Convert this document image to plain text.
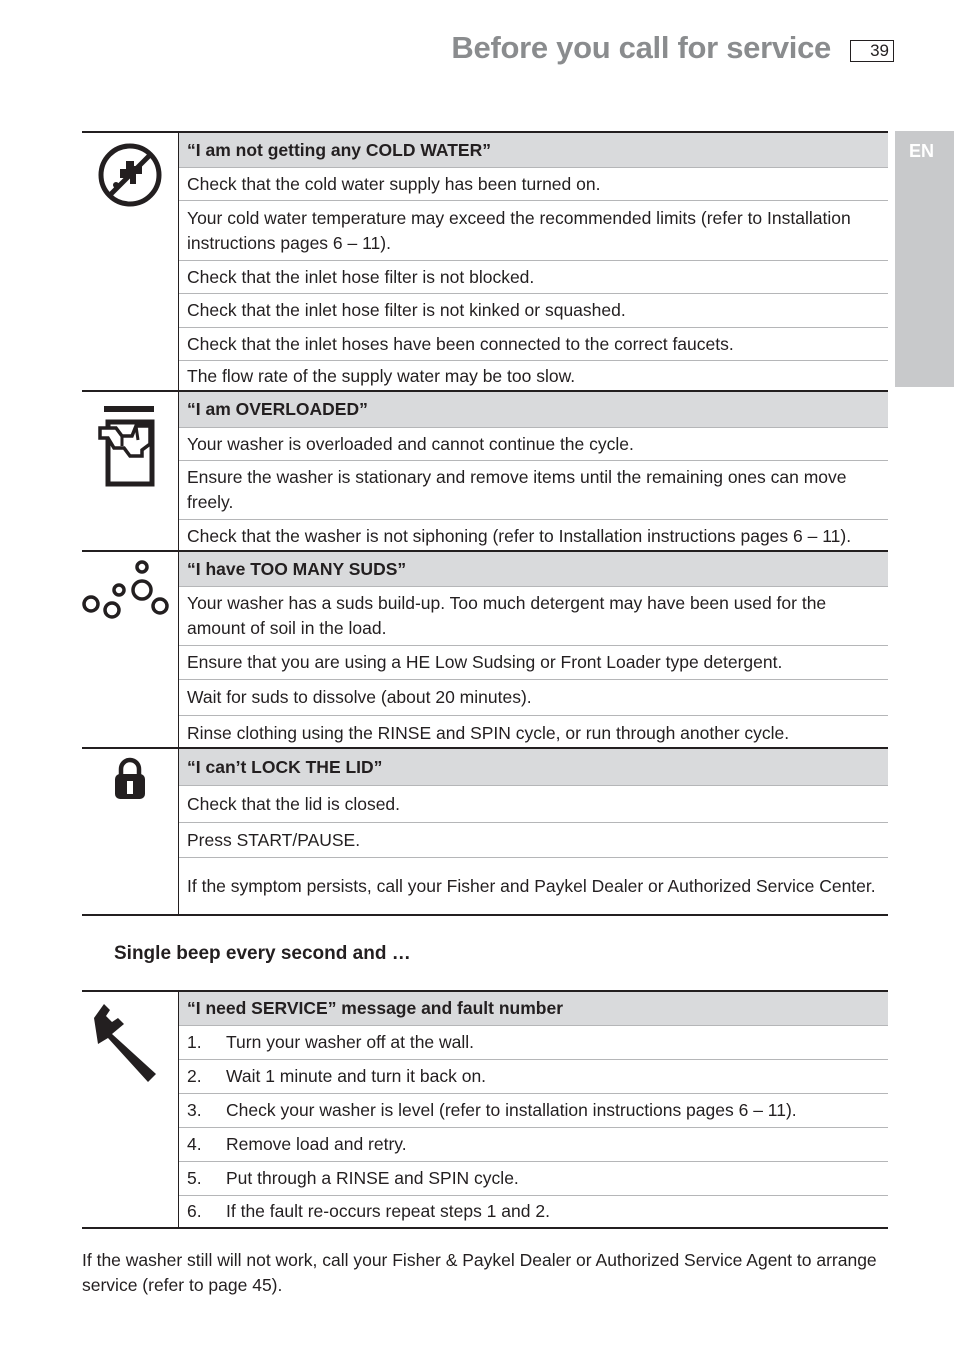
Before you call for service	39
EN
“I am not getting any COLD WATER”
Check that the cold water supply has been turned on.
Your cold water temperature may exceed the recommended limits (refer to Installation instructions pages 6 – 11).
Check that the inlet hose filter is not blocked.
Check that the inlet hose filter is not kinked or squashed.
Check that the inlet hoses have been connected to the correct faucets.
The flow rate of the supply water may be too slow.
“I am OVERLOADED”
Your washer is overloaded and cannot continue the cycle.
Ensure the washer is stationary and remove items until the remaining ones can move freely.
Check that the washer is not siphoning (refer to Installation instructions pages 6 – 11).
“I have TOO MANY SUDS”
Your washer has a suds build-up. Too much detergent may have been used for the amount of soil in the load.
Ensure that you are using a HE Low Sudsing or Front Loader type detergent.
Wait for suds to dissolve (about 20 minutes).
Rinse clothing using the RINSE and SPIN cycle, or run through another cycle.
“I can’t LOCK THE LID”
Check that the lid is closed.
Press START/PAUSE.
If the symptom persists, call your Fisher and Paykel Dealer or Authorized Service Center.
Single beep every second and …
“I need SERVICE” message and fault number
1.	Turn your washer off at the wall.
2.	Wait 1 minute and turn it back on.
3.	Check your washer is level (refer to installation instructions pages 6 – 11).
4.	Remove load and retry.
5.	Put through a RINSE and SPIN cycle.
6.	If the fault re-occurs repeat steps 1 and 2.
If the washer still will not work, call your Fisher & Paykel Dealer or Authorized Service Agent to arrange service (refer to page 45).
